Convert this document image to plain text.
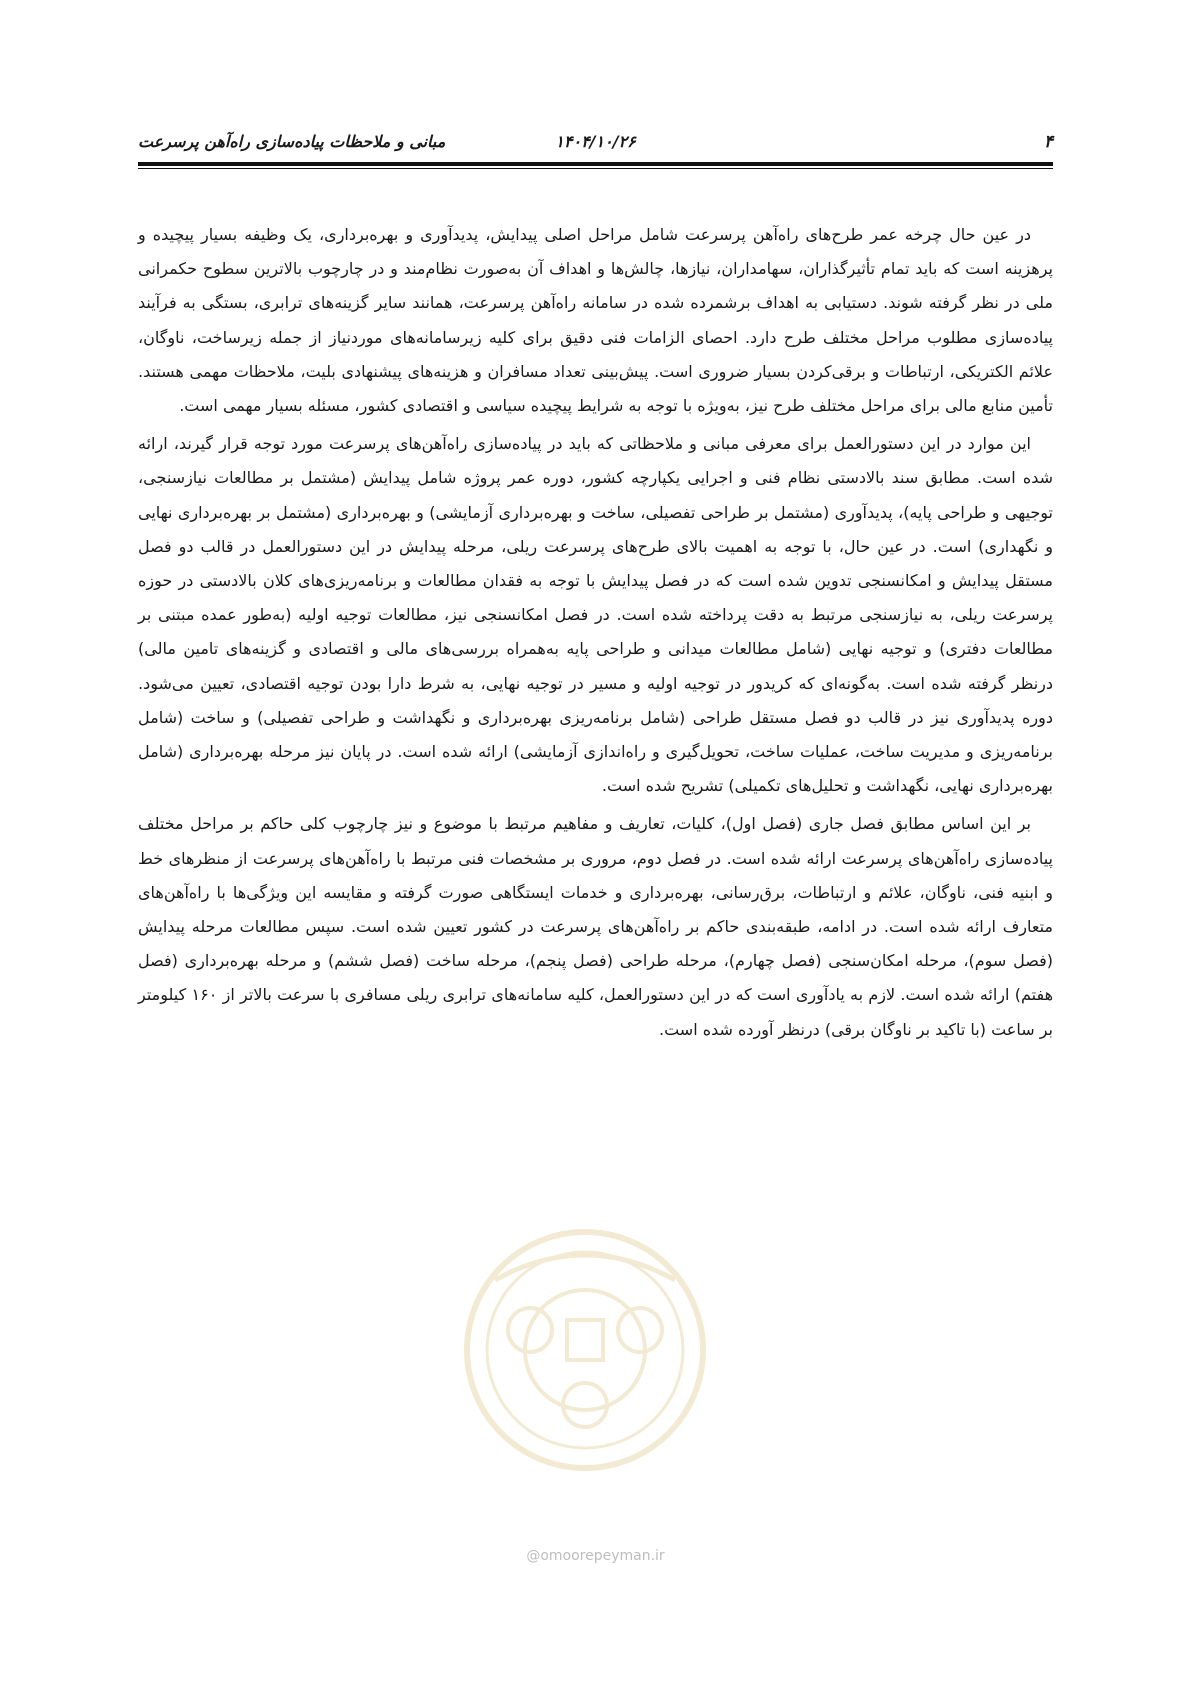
۴
۱۴۰۴/۱۰/۲۶
مبانی و ملاحظات پیاده‌سازی راه‌آهن پرسرعت

در عین حال چرخه عمر طرح‌های راه‌آهن پرسرعت شامل مراحل اصلی پیدایش، پدیدآوری و بهره‌برداری، یک وظیفه بسیار پیچیده و پرهزینه است که باید تمام تأثیرگذاران، سهامداران، نیازها، چالش‌ها و اهداف آن به‌صورت نظام‌مند و در چارچوب بالاترین سطوح حکمرانی ملی در نظر گرفته شوند. دستیابی به اهداف برشمرده شده در سامانه راه‌آهن پرسرعت، همانند سایر گزینه‌های ترابری، بستگی به فرآیند پیاده‌سازی مطلوب مراحل مختلف طرح دارد. احصای الزامات فنی دقیق برای کلیه زیرسامانه‌های موردنیاز از جمله زیرساخت، ناوگان، علائم الکتریکی، ارتباطات و برقی‌کردن بسیار ضروری است. پیش‌بینی تعداد مسافران و هزینه‌های پیشنهادی بلیت، ملاحظات مهمی هستند. تأمین منابع مالی برای مراحل مختلف طرح نیز، به‌ویژه با توجه به شرایط پیچیده سیاسی و اقتصادی کشور، مسئله بسیار مهمی است.

این موارد در این دستورالعمل برای معرفی مبانی و ملاحظاتی که باید در پیاده‌سازی راه‌آهن‌های پرسرعت مورد توجه قرار گیرند، ارائه شده است. مطابق سند بالادستی نظام فنی و اجرایی یکپارچه کشور، دوره عمر پروژه شامل پیدایش (مشتمل بر مطالعات نیازسنجی، توجیهی و طراحی پایه)، پدیدآوری (مشتمل بر طراحی تفصیلی، ساخت و بهره‌برداری آزمایشی) و بهره‌برداری (مشتمل بر بهره‌برداری نهایی و نگهداری) است. در عین حال، با توجه به اهمیت بالای طرح‌های پرسرعت ریلی، مرحله پیدایش در این دستورالعمل در قالب دو فصل مستقل پیدایش و امکانسنجی تدوین شده است که در فصل پیدایش با توجه به فقدان مطالعات و برنامه‌ریزی‌های کلان بالادستی در حوزه پرسرعت ریلی، به نیازسنجی مرتبط به دقت پرداخته شده است. در فصل امکانسنجی نیز، مطالعات توجیه اولیه (به‌طور عمده مبتنی بر مطالعات دفتری) و توجیه نهایی (شامل مطالعات میدانی و طراحی پایه به‌همراه بررسی‌های مالی و اقتصادی و گزینه‌های تامین مالی) درنظر گرفته شده است. به‌گونه‌ای که کریدور در توجیه اولیه و مسیر در توجیه نهایی، به شرط دارا بودن توجیه اقتصادی، تعیین می‌شود. دوره پدیدآوری نیز در قالب دو فصل مستقل طراحی (شامل برنامه‌ریزی بهره‌برداری و نگهداشت و طراحی تفصیلی) و ساخت (شامل برنامه‌ریزی و مدیریت ساخت، عملیات ساخت، تحویل‌گیری و راه‌اندازی آزمایشی) ارائه شده است. در پایان نیز مرحله بهره‌برداری (شامل بهره‌برداری نهایی، نگهداشت و تحلیل‌های تکمیلی) تشریح شده است.

بر این اساس مطابق فصل جاری (فصل اول)، کلیات، تعاریف و مفاهیم مرتبط با موضوع و نیز چارچوب کلی حاکم بر مراحل مختلف پیاده‌سازی راه‌آهن‌های پرسرعت ارائه شده است. در فصل دوم، مروری بر مشخصات فنی مرتبط با راه‌آهن‌های پرسرعت از منظرهای خط و ابنیه فنی، ناوگان، علائم و ارتباطات، برق‌رسانی، بهره‌برداری و خدمات ایستگاهی صورت گرفته و مقایسه این ویژگی‌ها با راه‌آهن‌های متعارف ارائه شده است. در ادامه، طبقه‌بندی حاکم بر راه‌آهن‌های پرسرعت در کشور تعیین شده است. سپس مطالعات مرحله پیدایش (فصل سوم)، مرحله امکان‌سنجی (فصل چهارم)، مرحله طراحی (فصل پنجم)، مرحله ساخت (فصل ششم) و مرحله بهره‌برداری (فصل هفتم) ارائه شده است. لازم به یادآوری است که در این دستورالعمل، کلیه سامانه‌های ترابری ریلی مسافری با سرعت بالاتر از ۱۶۰ کیلومتر بر ساعت (با تاکید بر ناوگان برقی) درنظر آورده شده است.

@omoorepeyman.ir
